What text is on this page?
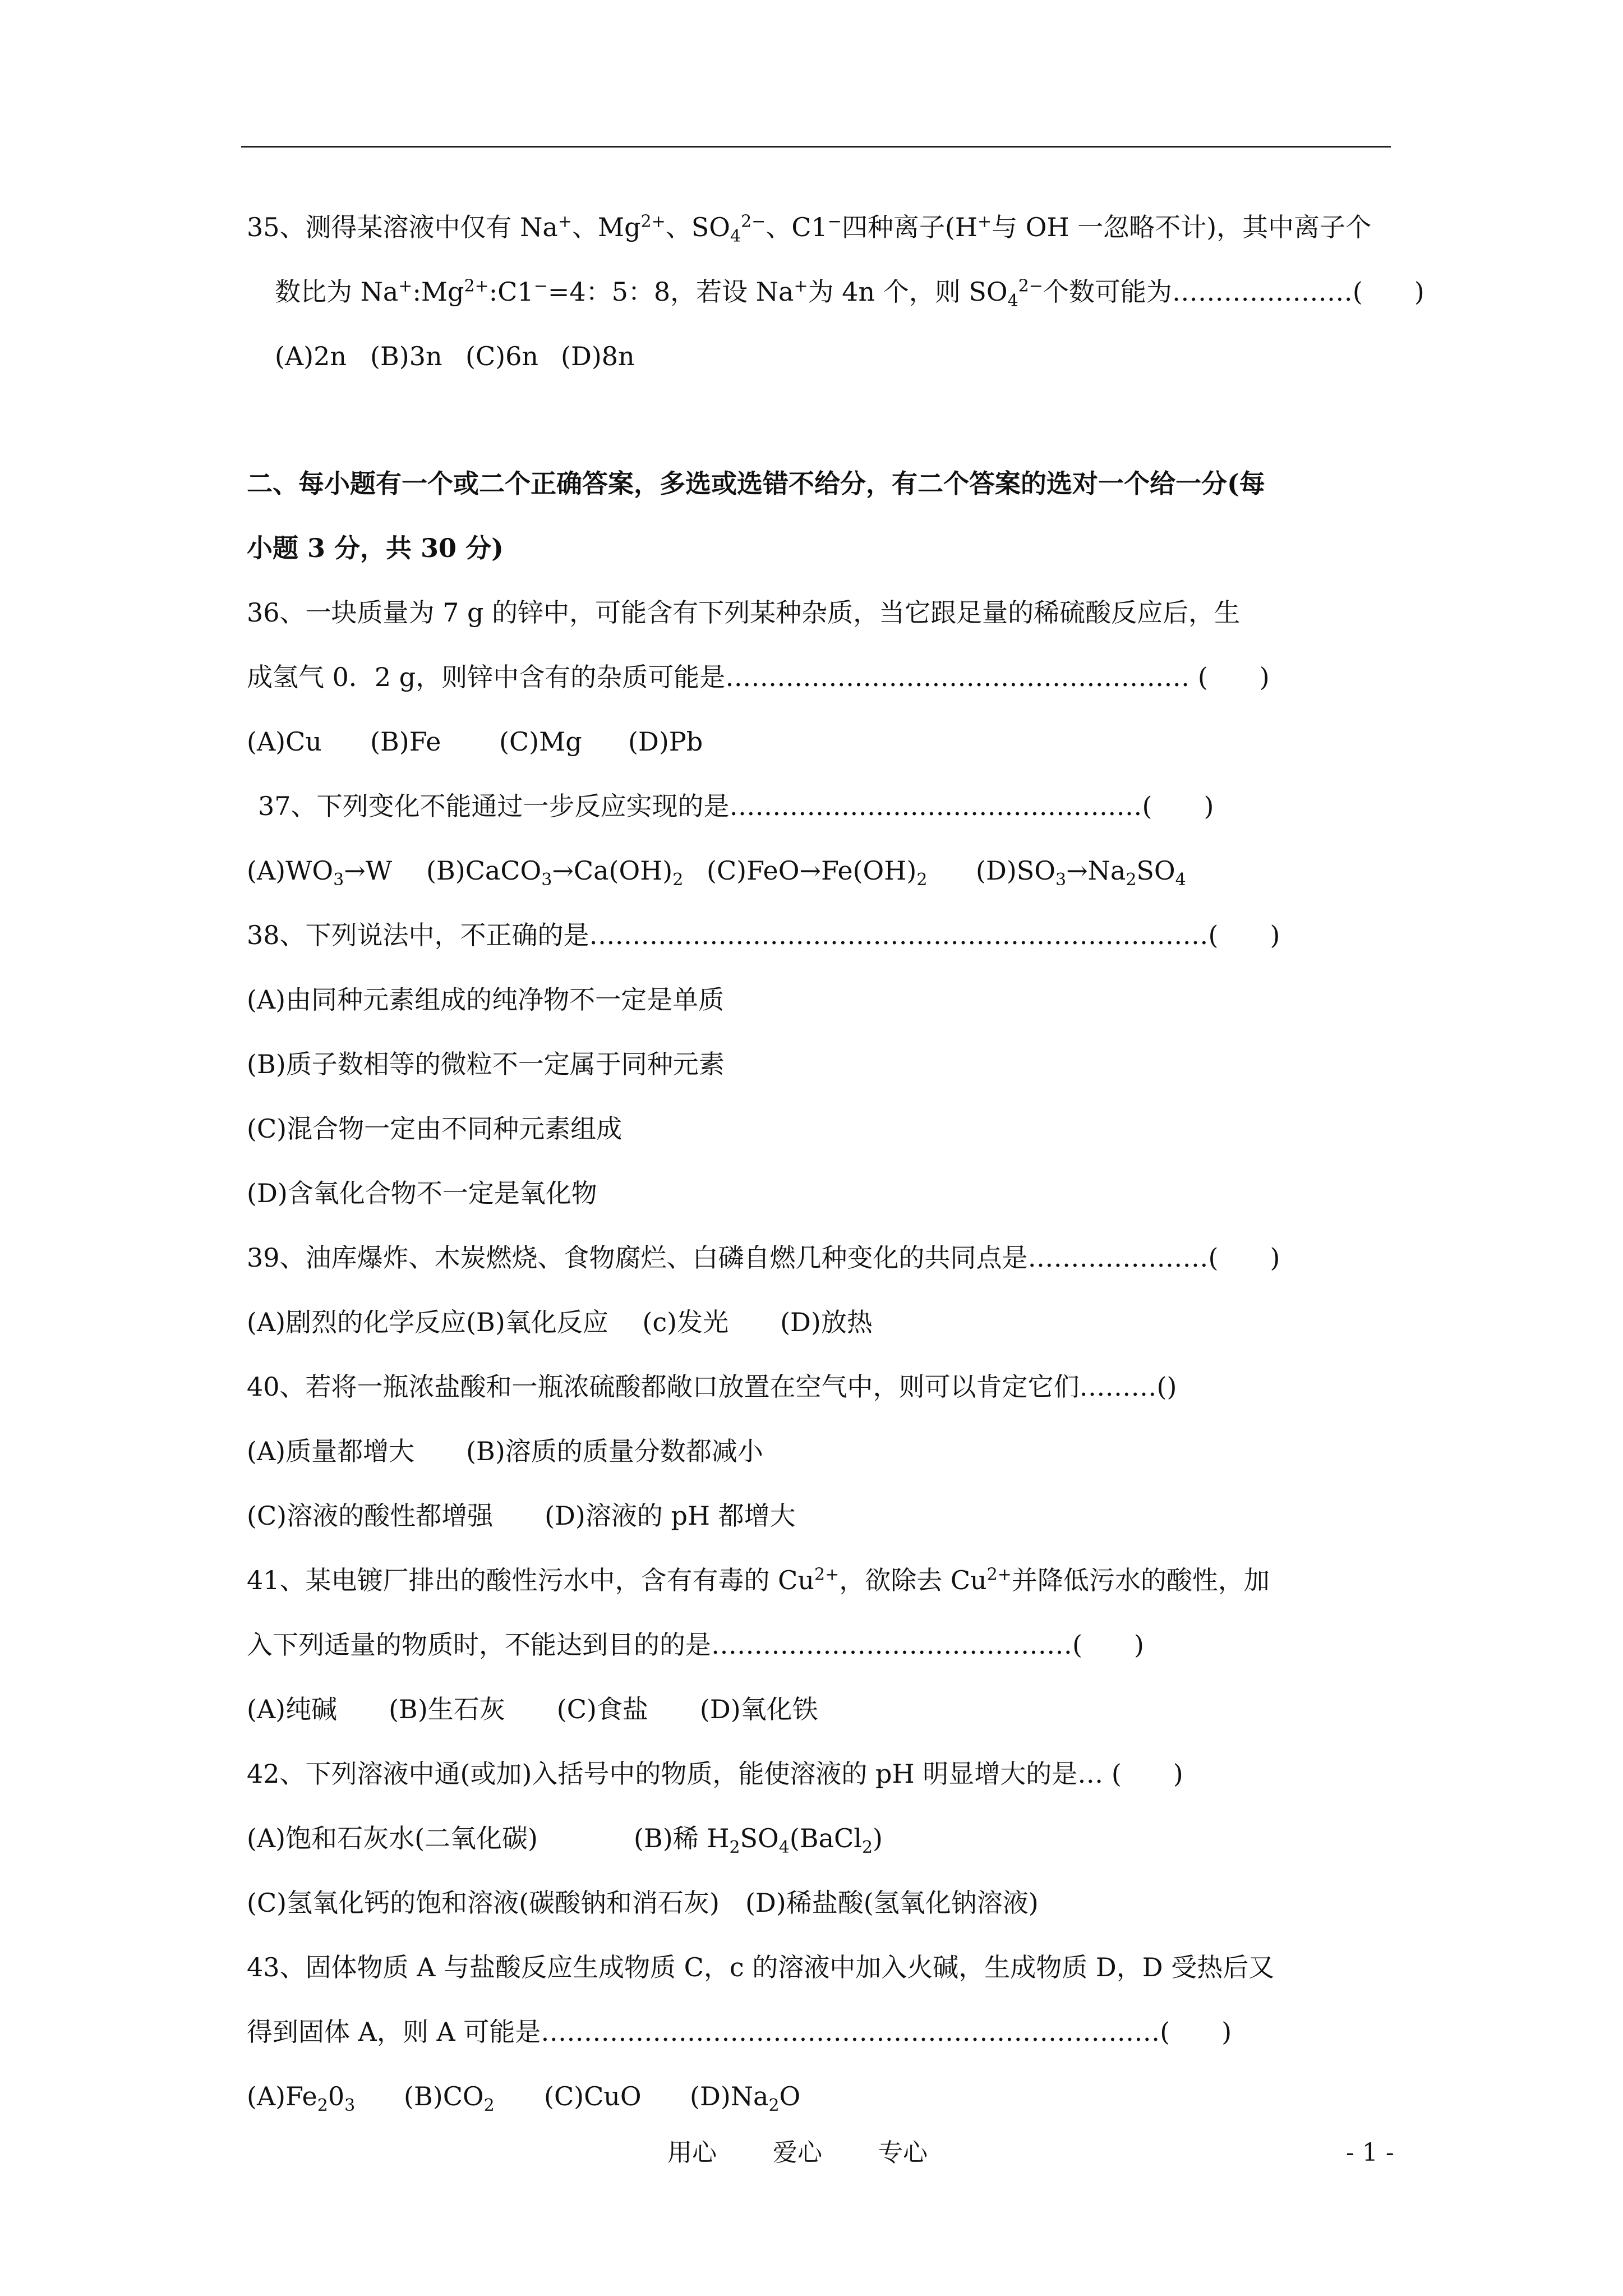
35、测得某溶液中仅有 Na+、$Mg^{2+}$、$SO_4^{2-}$、C1−四种离子(H+与 OH 一忽略不计)，其中离子个
数比为 $Na^+:Mg^{2+}:C1^-=4$：5：8，若设 Na+为 4n 个，则 $SO_4^{2-}$个数可能为…………………(　　)
(A)2n (B)3n (C)6n (D)8n
二、每小题有一个或二个正确答案，多选或选错不给分，有二个答案的选对一个给一分(每
小题 3 分，共 30 分)
36、一块质量为 7 g 的锌中，可能含有下列某种杂质，当它跟足量的稀硫酸反应后，生
成氢气 0．2 g，则锌中含有的杂质可能是……………………………………………… (　　)
(A)Cu (B)Fe (C)Mg (D)Pb
37、下列变化不能通过一步反应实现的是…………………………………………(　　)
$(A)WO_3\to W$ $(B)CaCO_3\to Ca(OH)_2$ $(C)FeO\to Fe(OH)_2$ $(D)SO_3\to Na_2SO_4$
38、下列说法中，不正确的是………………………………………………………………(　　)
(A)由同种元素组成的纯净物不一定是单质
(B)质子数相等的微粒不一定属于同种元素
(C)混合物一定由不同种元素组成
(D)含氧化合物不一定是氧化物
39、油库爆炸、木炭燃烧、食物腐烂、白磷自燃几种变化的共同点是…………………(　　)
(A)剧烈的化学反应(B)氧化反应　 (c)发光　　(D)放热
40、若将一瓶浓盐酸和一瓶浓硫酸都敞口放置在空气中，则可以肯定它们………()
(A)质量都增大　　(B)溶质的质量分数都减小
(C)溶液的酸性都增强　　(D)溶液的 pH 都增大
41、某电镀厂排出的酸性污水中，含有有毒的 $Cu^{2+}$，欲除去 $Cu^{2+}$并降低污水的酸性，加
入下列适量的物质时，不能达到目的的是……………………………………(　　)
(A)纯碱　　(B)生石灰　　(C)食盐　　(D)氧化铁
42、下列溶液中通(或加)入括号中的物质，能使溶液的 pH 明显增大的是… (　　)
(A)饱和石灰水(二氧化碳)	(B)稀 $H_2SO_4(BaCl_2)$
(C)氢氧化钙的饱和溶液(碳酸钠和消石灰)　(D)稀盐酸(氢氧化钠溶液)
43、固体物质 A 与盐酸反应生成物质 C，c 的溶液中加入火碱，生成物质 D，D 受热后又
得到固体 A，则 A 可能是………………………………………………………………(　　)
$(A)Fe_20_3$ $(B)CO_2$ (C)CuO $(D)Na_2O$
用心 爱心 专心	- 1 -
